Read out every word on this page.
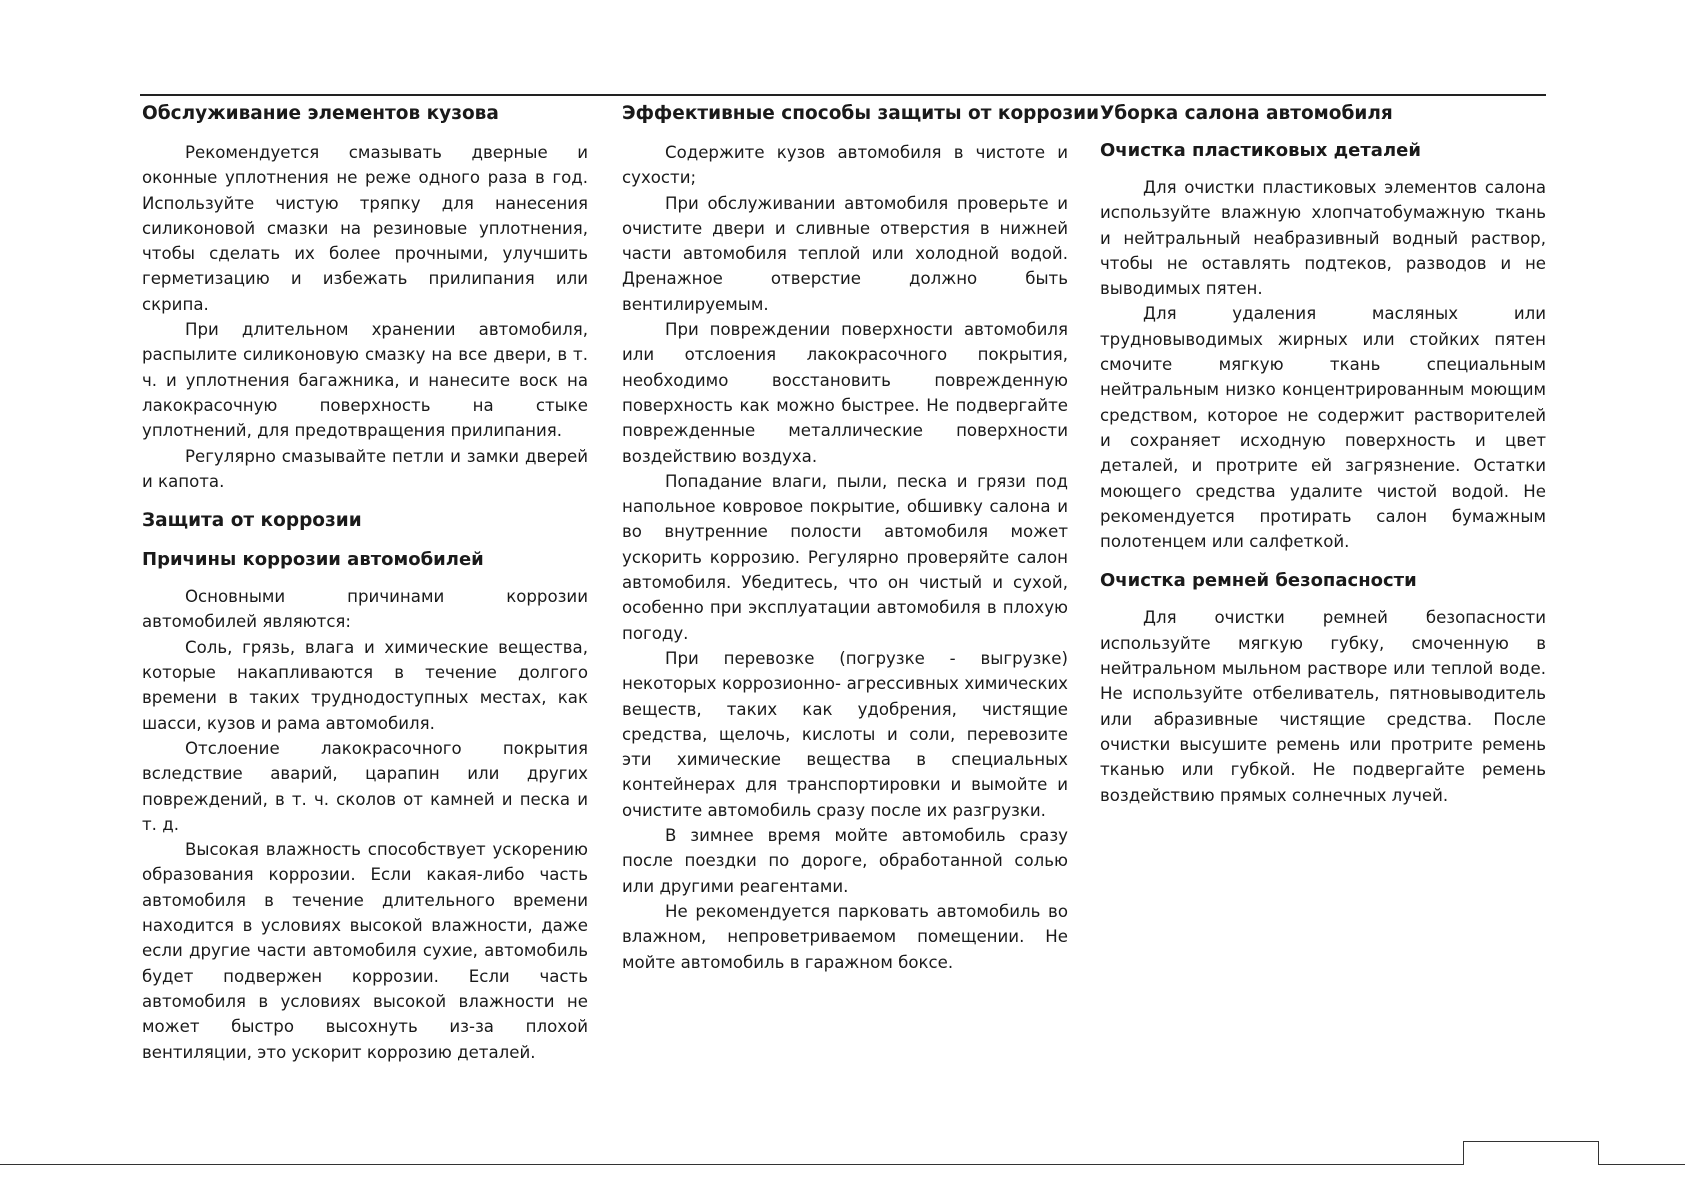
Обслуживание элементов кузова

Рекомендуется смазывать дверные и оконные уплотнения не реже одного раза в год. Используйте чистую тряпку для нанесения силиконовой смазки на резиновые уплотнения, чтобы сделать их более прочными, улучшить герметизацию и избежать прилипания или скрипа.

При длительном хранении автомобиля, распылите силиконовую смазку на все двери, в т. ч. и уплотнения багажника, и нанесите воск на лакокрасочную поверхность на стыке уплотнений, для предотвращения прилипания.

Регулярно смазывайте петли и замки дверей и капота.

Защита от коррозии
Причины коррозии автомобилей

Основными причинами коррозии автомобилей являются:

Соль, грязь, влага и химические вещества, которые накапливаются в течение долгого времени в таких труднодоступных местах, как шасси, кузов и рама автомобиля.

Отслоение лакокрасочного покрытия вследствие аварий, царапин или других повреждений, в т. ч. сколов от камней и песка и т. д.

Высокая влажность способствует ускорению образования коррозии. Если какая-либо часть автомобиля в течение длительного времени находится в условиях высокой влажности, даже если другие части автомобиля сухие, автомобиль будет подвержен коррозии. Если часть автомобиля в условиях высокой влажности не может быстро высохнуть из-за плохой вентиляции, это ускорит коррозию деталей.

Эффективные способы защиты от коррозии

Содержите кузов автомобиля в чистоте и сухости;

При обслуживании автомобиля проверьте и очистите двери и сливные отверстия в нижней части автомобиля теплой или холодной водой. Дренажное отверстие должно быть вентилируемым.

При повреждении поверхности автомобиля или отслоения лакокрасочного покрытия, необходимо восстановить поврежденную поверхность как можно быстрее. Не подвергайте поврежденные металлические поверхности воздействию воздуха.

Попадание влаги, пыли, песка и грязи под напольное ковровое покрытие, обшивку салона и во внутренние полости автомобиля может ускорить коррозию. Регулярно проверяйте салон автомобиля. Убедитесь, что он чистый и сухой, особенно при эксплуатации автомобиля в плохую погоду.

При перевозке (погрузке - выгрузке) некоторых коррозионно- агрессивных химических веществ, таких как удобрения, чистящие средства, щелочь, кислоты и соли, перевозите эти химические вещества в специальных контейнерах для транспортировки и вымойте и очистите автомобиль сразу после их разгрузки.

В зимнее время мойте автомобиль сразу после поездки по дороге, обработанной солью или другими реагентами.

Не рекомендуется парковать автомобиль во влажном, непроветриваемом помещении. Не мойте автомобиль в гаражном боксе.

Уборка салона автомобиля
Очистка пластиковых деталей

Для очистки пластиковых элементов салона используйте влажную хлопчатобумажную ткань и нейтральный неабразивный водный раствор, чтобы не оставлять подтеков, разводов и не выводимых пятен.

Для удаления масляных или трудновыводимых жирных или стойких пятен смочите мягкую ткань специальным нейтральным низко концентрированным моющим средством, которое не содержит растворителей и сохраняет исходную поверхность и цвет деталей, и протрите ей загрязнение. Остатки моющего средства удалите чистой водой. Не рекомендуется протирать салон бумажным полотенцем или салфеткой.

Очистка ремней безопасности

Для очистки ремней безопасности используйте мягкую губку, смоченную в нейтральном мыльном растворе или теплой воде. Не используйте отбеливатель, пятновыводитель или абразивные чистящие средства. После очистки высушите ремень или протрите ремень тканью или губкой. Не подвергайте ремень воздействию прямых солнечных лучей.
